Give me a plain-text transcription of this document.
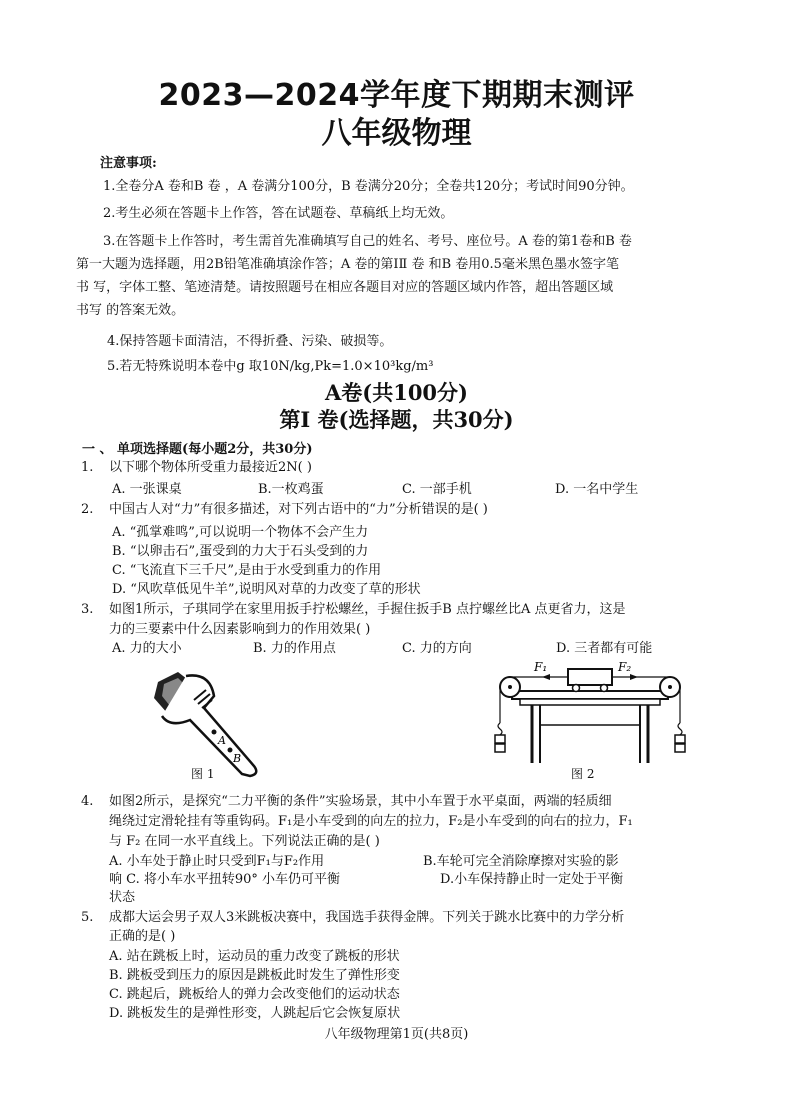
2023—2024学年度下期期末测评
八年级物理
注意事项:
1.全卷分A 卷和B 卷 ，A 卷满分100分，B 卷满分20分；全卷共120分；考试时间90分钟。
2.考生必须在答题卡上作答，答在试题卷、草稿纸上均无效。
3.在答题卡上作答时，考生需首先准确填写自己的姓名、考号、座位号。A 卷的第1卷和B 卷
第一大题为选择题，用2B铅笔准确填涂作答；A 卷的第ⅠⅡ 卷 和B 卷用0.5毫米黑色墨水签字笔
书 写，字体工整、笔迹清楚。请按照题号在相应各题目对应的答题区域内作答，超出答题区域
书写 的答案无效。
4.保持答题卡面清洁，不得折叠、污染、破损等。
5.若无特殊说明本卷中g 取10N/kg,Pk=1.0×10³kg/m³
A卷(共100分)
第I 卷(选择题，共30分)
一 、 单项选择题(每小题2分，共30分)
1. 以下哪个物体所受重力最接近2N( )
A. 一张课桌	B.一枚鸡蛋	C. 一部手机	D. 一名中学生
2. 中国古人对“力”有很多描述，对下列古语中的“力”分析错误的是( )
A. “孤掌难鸣”,可以说明一个物体不会产生力
B. “以卵击石”,蛋受到的力大于石头受到的力
C. “飞流直下三千尺”,是由于水受到重力的作用
D. “风吹草低见牛羊”,说明风对草的力改变了草的形状
3. 如图1所示，子琪同学在家里用扳手拧松螺丝，手握住扳手B 点拧螺丝比A 点更省力，这是
力的三要素中什么因素影响到力的作用效果( )
A. 力的大小	B. 力的作用点	C. 力的方向	D. 三者都有可能
A
B
图 1
F₁	F₂
图 2
4. 如图2所示，是探究“二力平衡的条件”实验场景，其中小车置于水平桌面，两端的轻质细
绳绕过定滑轮挂有等重钩码。F₁是小车受到的向左的拉力，F₂是小车受到的向右的拉力，F₁
与 F₂ 在同一水平直线上。下列说法正确的是( )
A. 小车处于静止时只受到F₁与F₂作用	B.车轮可完全消除摩擦对实验的影
响 C. 将小车水平扭转90° 小车仍可平衡	D.小车保持静止时一定处于平衡
状态
5. 成都大运会男子双人3米跳板决赛中，我国选手获得金牌。下列关于跳水比赛中的力学分析
正确的是( )
A. 站在跳板上时，运动员的重力改变了跳板的形状
B. 跳板受到压力的原因是跳板此时发生了弹性形变
C. 跳起后，跳板给人的弹力会改变他们的运动状态
D. 跳板发生的是弹性形变，人跳起后它会恢复原状
八年级物理第1页(共8页)
